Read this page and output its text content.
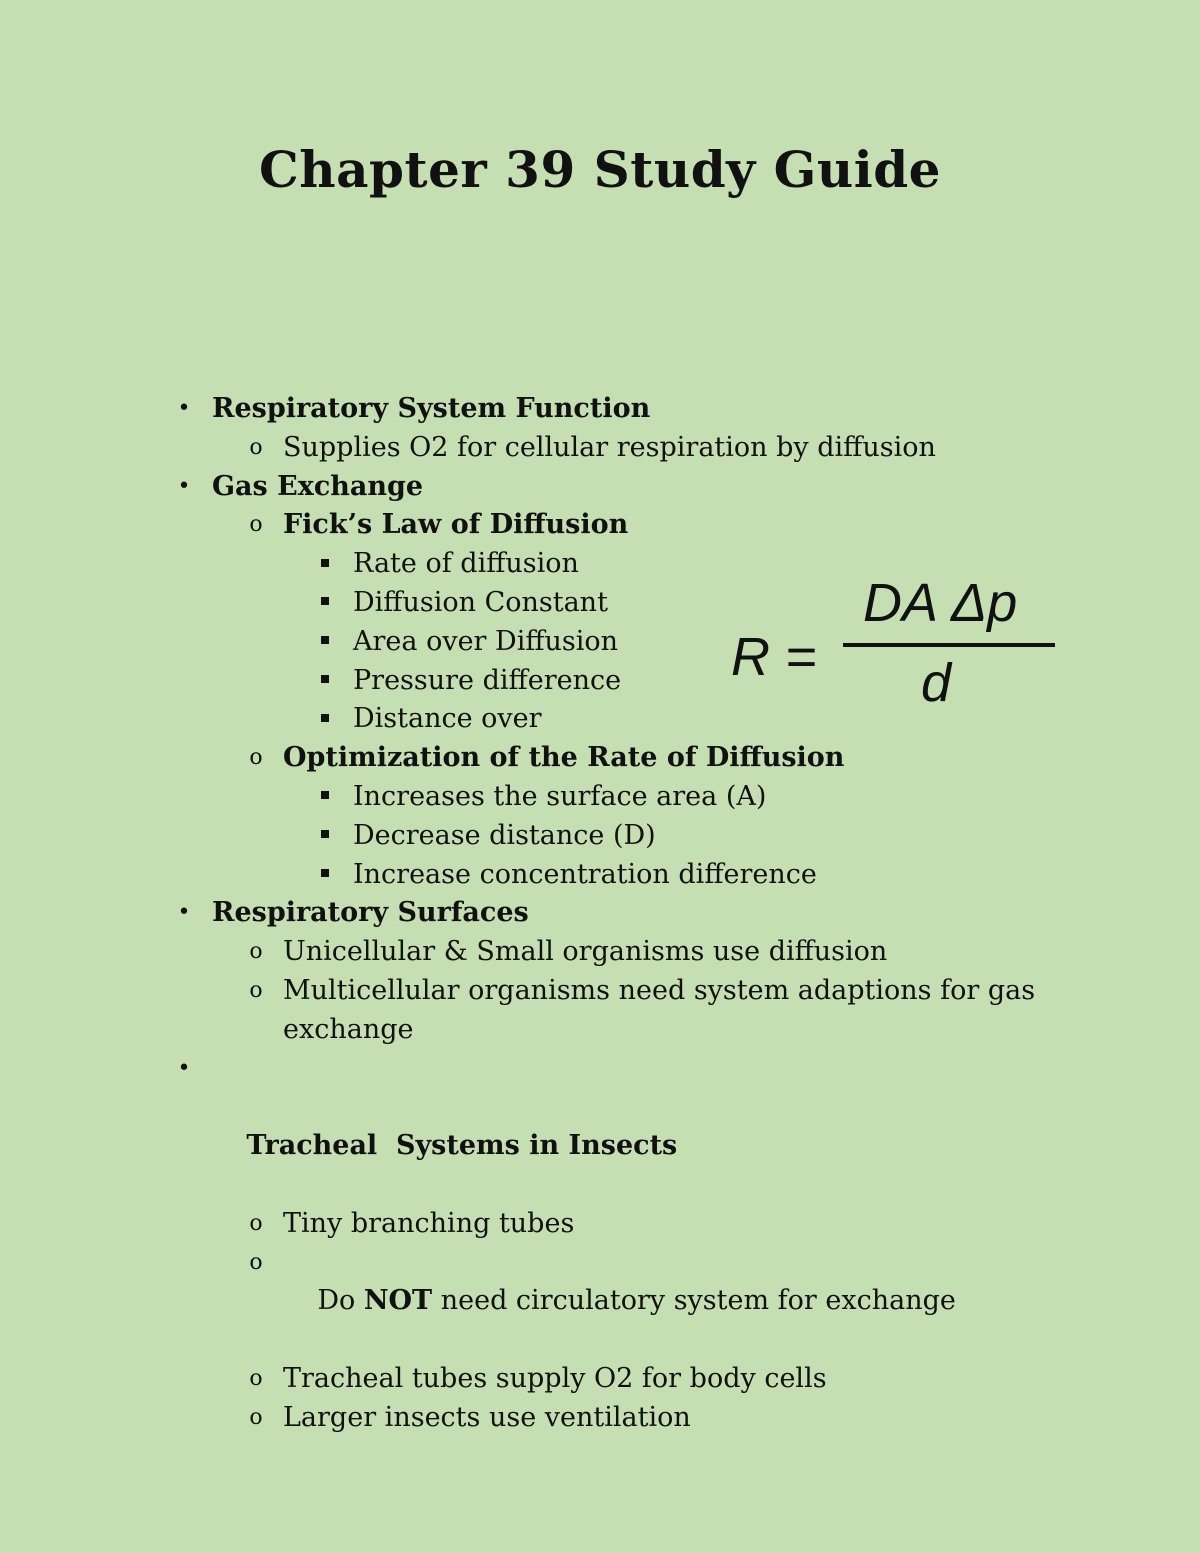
Chapter 39 Study Guide
• Respiratory System Function
o Supplies O2 for cellular respiration by diffusion
• Gas Exchange
o Fick’s Law of Diffusion
Rate of diffusion
Diffusion Constant
Area over Diffusion
Pressure difference
Distance over
o Optimization of the Rate of Diffusion
Increases the surface area (A)
Decrease distance (D)
Increase concentration difference
• Respiratory Surfaces
o Unicellular & Small organisms use diffusion
o Multicellular organisms need system adaptions for gas exchange

•

Tracheal  Systems in Insects

o Tiny branching tubes

o
Do NOT need circulatory system for exchange

o Tracheal tubes supply O2 for body cells
o Larger insects use ventilation
DA Δp
R = d
